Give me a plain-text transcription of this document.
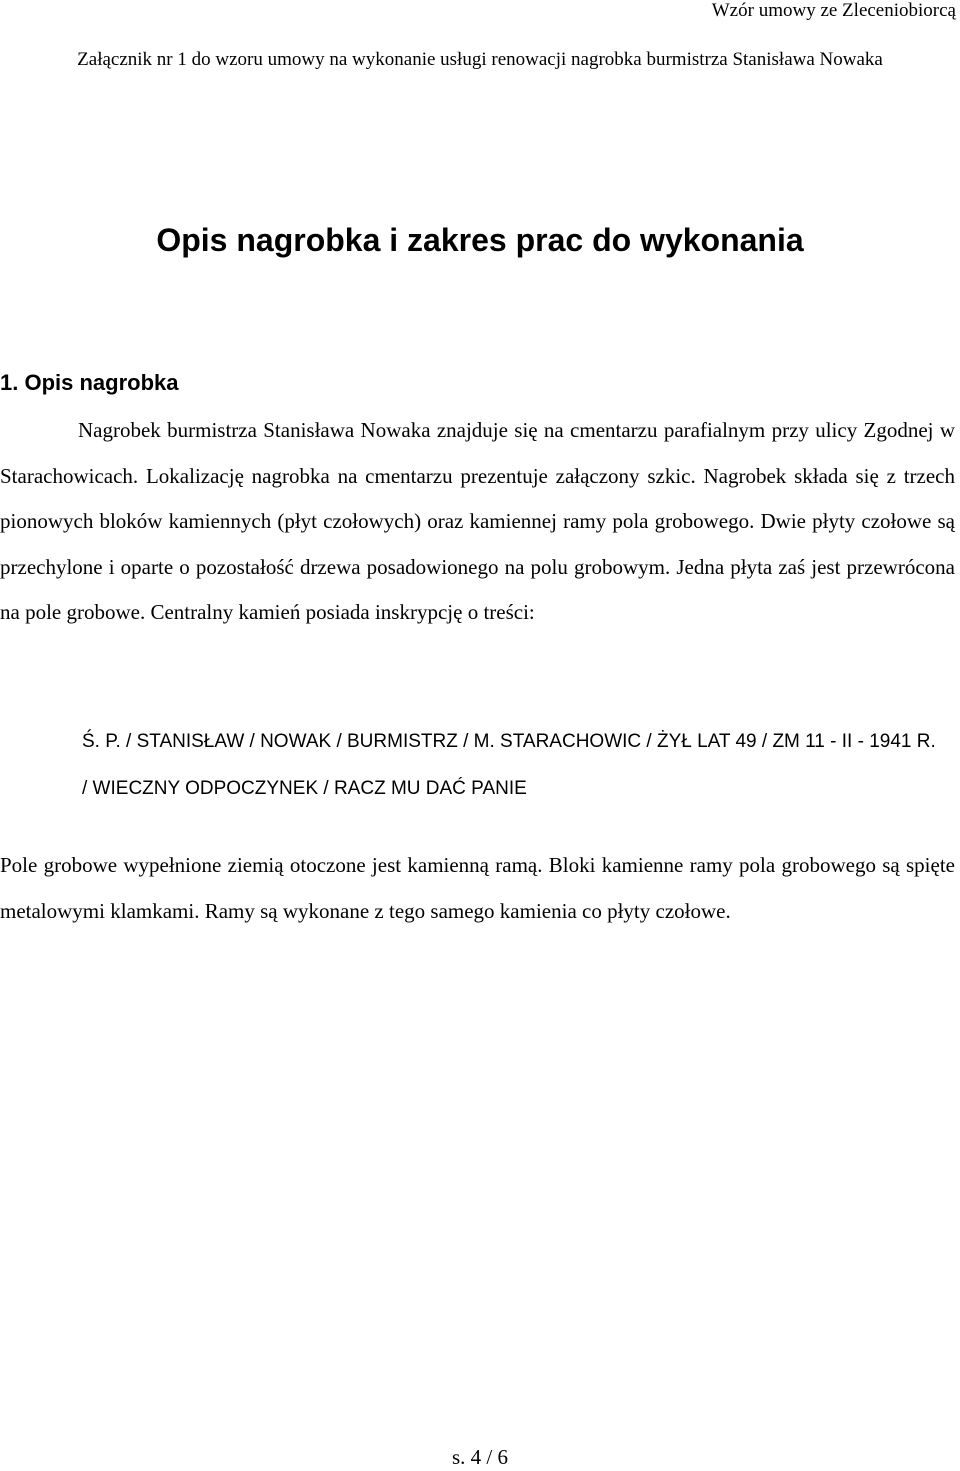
Wzór umowy ze Zleceniobiorcą
Załącznik nr 1 do wzoru umowy na wykonanie usługi renowacji nagrobka burmistrza Stanisława Nowaka
Opis nagrobka i zakres prac do wykonania
1. Opis nagrobka

Nagrobek burmistrza Stanisława Nowaka znajduje się na cmentarzu parafialnym przy ulicy Zgodnej w Starachowicach. Lokalizację nagrobka na cmentarzu prezentuje załączony szkic. Nagrobek składa się z trzech pionowych bloków kamiennych (płyt czołowych) oraz kamiennej ramy pola grobowego. Dwie płyty czołowe są przechylone i oparte o pozostałość drzewa posadowionego na polu grobowym. Jedna płyta zaś jest przewrócona na pole grobowe. Centralny kamień posiada inskrypcję o treści:

Ś. P. / STANISŁAW / NOWAK / BURMISTRZ / M. STARACHOWIC / ŻYŁ LAT 49 / ZM 11 - II - 1941 R. / WIECZNY ODPOCZYNEK / RACZ MU DAĆ PANIE

Pole grobowe wypełnione ziemią otoczone jest kamienną ramą. Bloki kamienne ramy pola grobowego są spięte metalowymi klamkami. Ramy są wykonane z tego samego kamienia co płyty czołowe.

s. 4 / 6
